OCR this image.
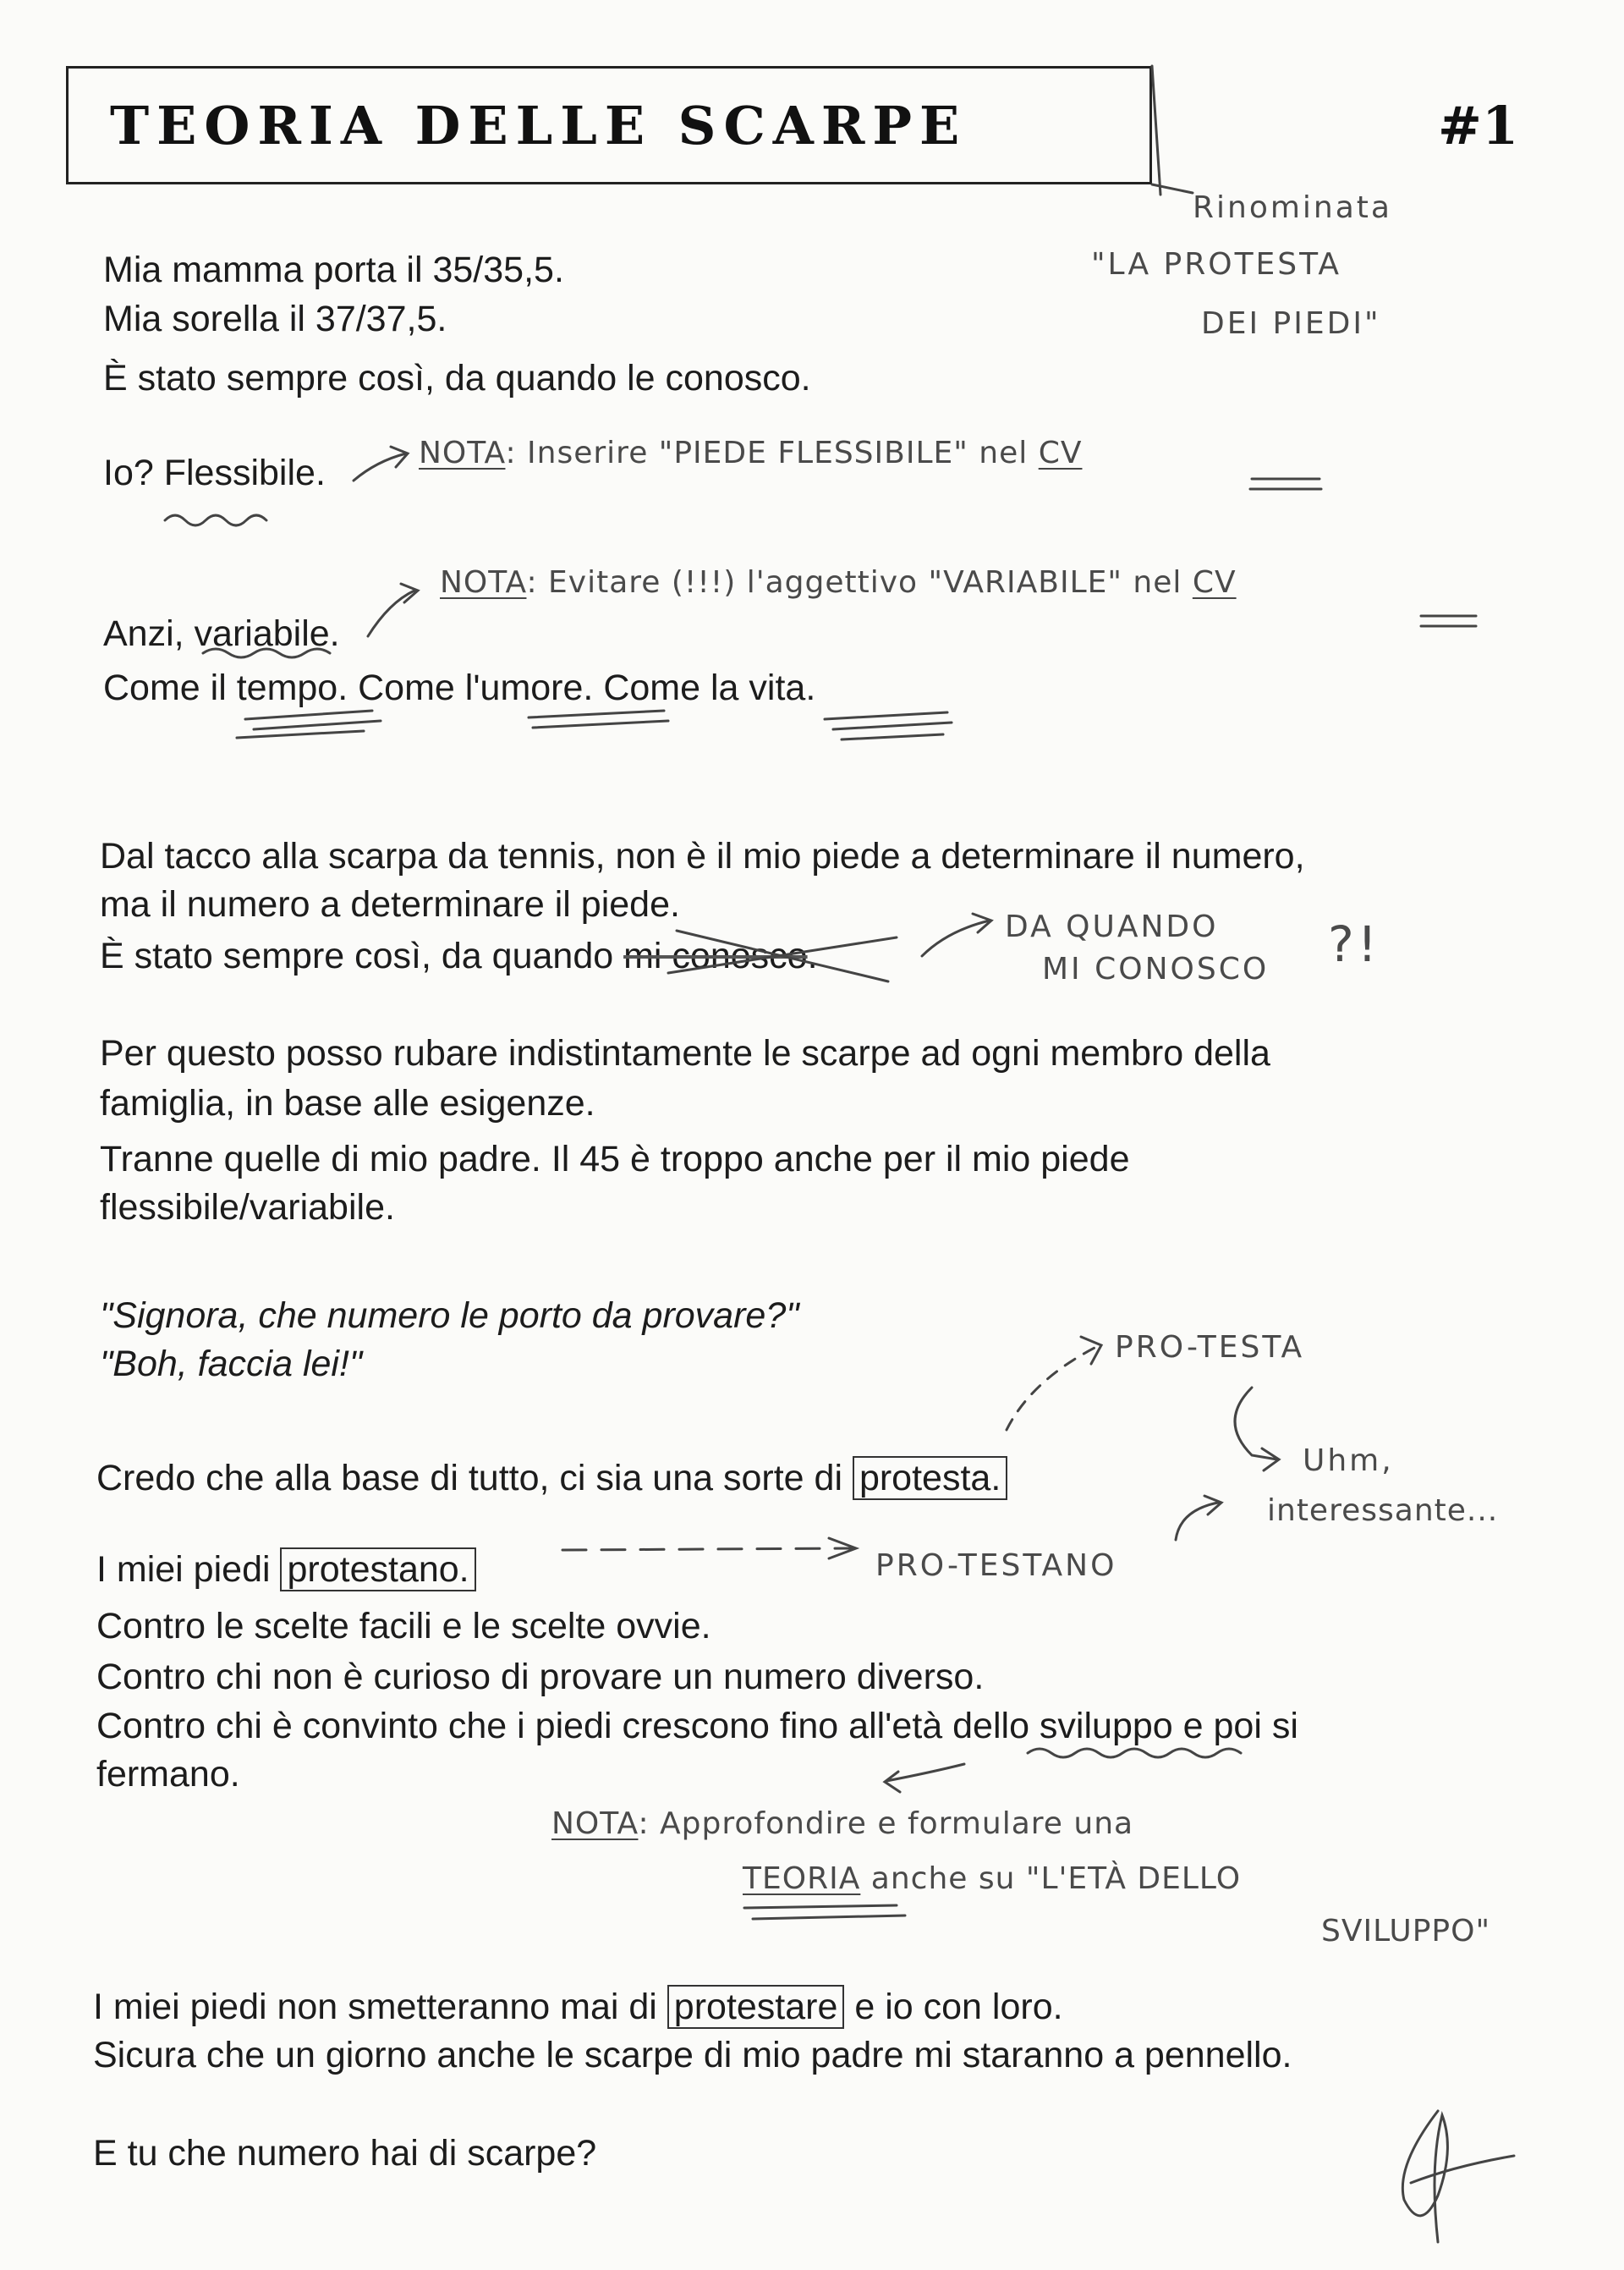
TEORIA DELLE SCARPE	#1
Rinominata
"LA PROTESTA
DEI PIEDI"
Mia mamma porta il 35/35,5.
Mia sorella il 37/37,5.
È stato sempre così, da quando le conosco.
Io? Flessibile.	NOTA: Inserire "PIEDE FLESSIBILE" nel CV
Anzi, variabile.
NOTA: Evitare (!!!) l'aggettivo "VARIABILE" nel CV
Come il tempo. Come l'umore. Come la vita.
Dal tacco alla scarpa da tennis, non è il mio piede a determinare il numero,
ma il numero a determinare il piede.
È stato sempre così, da quando mi conosco.
DA QUANDO
MI CONOSCO ?!
Per questo posso rubare indistintamente le scarpe ad ogni membro della
famiglia, in base alle esigenze.
Tranne quelle di mio padre. Il 45 è troppo anche per il mio piede
flessibile/variabile.
"Signora, che numero le porto da provare?"
"Boh, faccia lei!"
Credo che alla base di tutto, ci sia una sorte di protesta.
PRO-TESTA
Uhm,
interessante...
I miei piedi protestano.	PRO-TESTANO
Contro le scelte facili e le scelte ovvie.
Contro chi non è curioso di provare un numero diverso.
Contro chi è convinto che i piedi crescono fino all'età dello sviluppo e poi si
fermano.
NOTA: Approfondire e formulare una
TEORIA anche su "L'ETÀ DELLO
SVILUPPO"
I miei piedi non smetteranno mai di protestare e io con loro.
Sicura che un giorno anche le scarpe di mio padre mi staranno a pennello.
E tu che numero hai di scarpe?
